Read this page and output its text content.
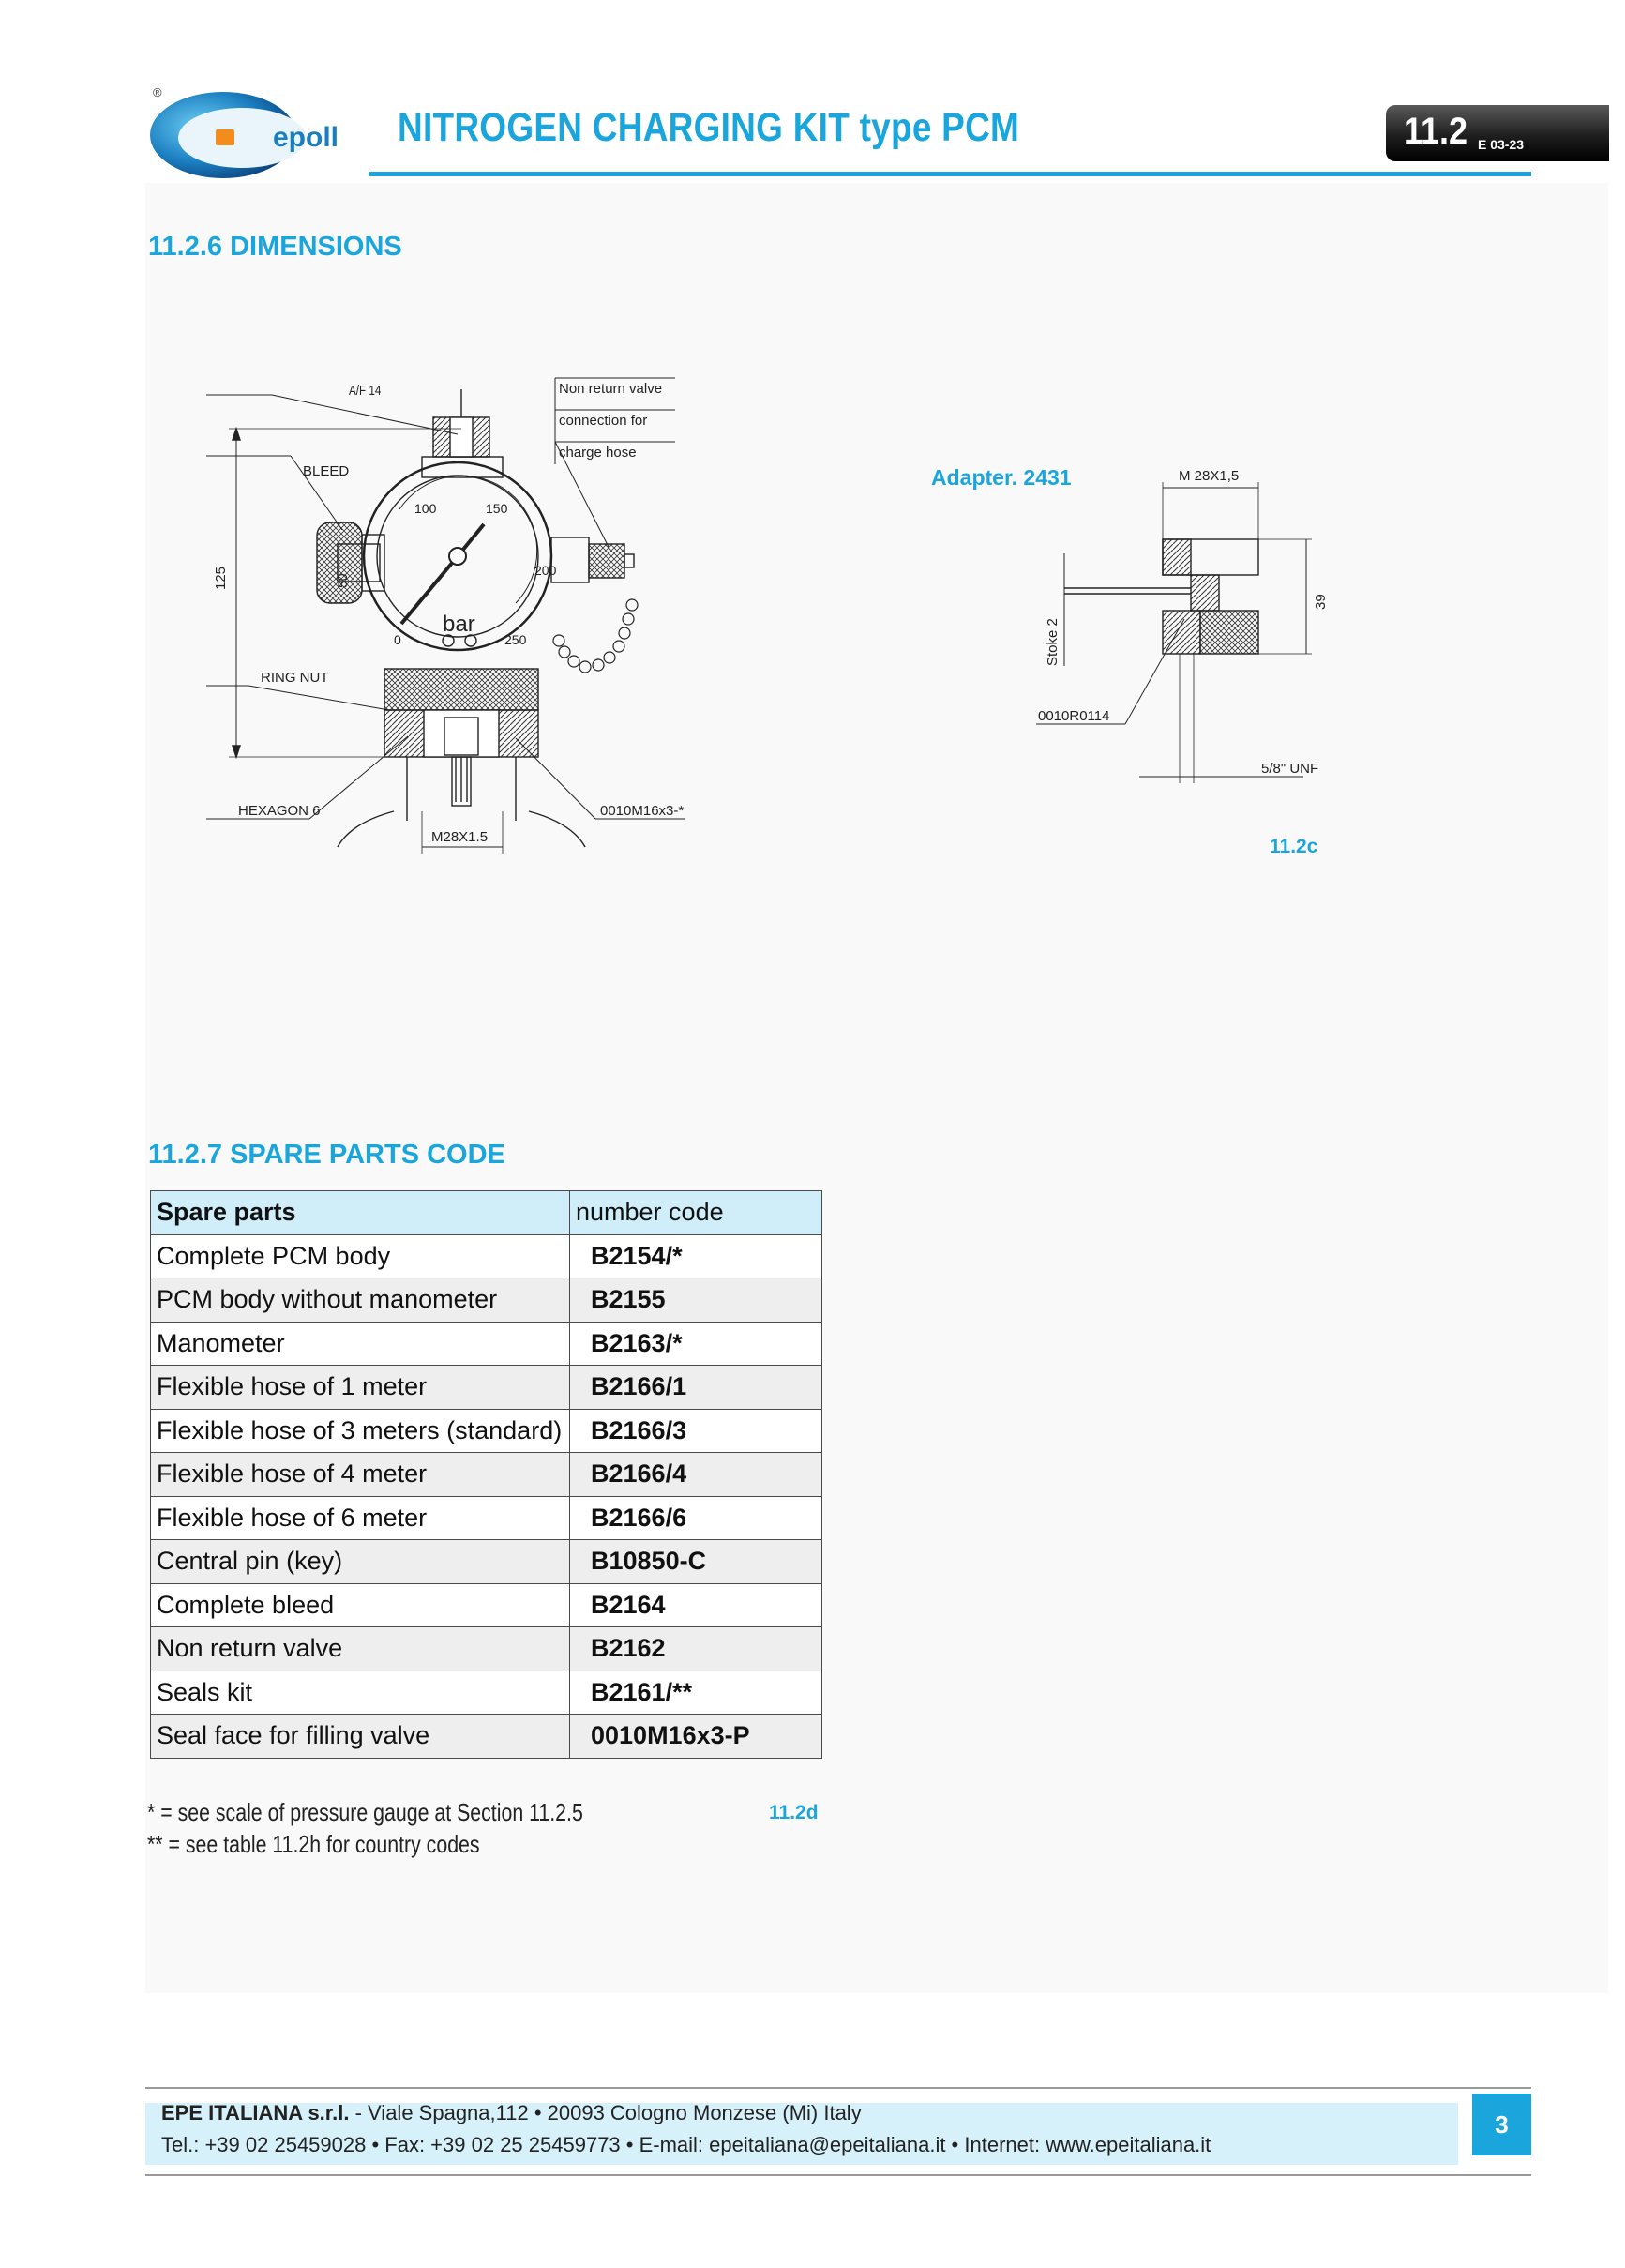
®
epoll NITROGEN CHARGING KIT type PCM	11.2 E 03-23
11.2.6 DIMENSIONS
50
100	150
200
0	250
bar
A/F 14
BLEED
125
RING NUT
HEXAGON 6	0010M16x3-*
M28X1.5
Non return valve
connection for
charge hose
Adapter. 2431	M 28X1,5
39
Stoke 2
0010R0114
5/8" UNF
11.2c
11.2.7 SPARE PARTS CODE
Spare parts	number code
Complete PCM body	B2154/*
PCM body without manometer	B2155
Manometer	B2163/*
Flexible hose of 1 meter	B2166/1
Flexible hose of 3 meters (standard)	B2166/3
Flexible hose of 4 meter	B2166/4
Flexible hose of 6 meter	B2166/6
Central pin (key)	B10850-C
Complete bleed	B2164
Non return valve	B2162
Seals kit	B2161/**
Seal face for filling valve	0010M16x3-P
* = see scale of pressure gauge at Section 11.2.5
** = see table 11.2h for country codes
11.2d
EPE ITALIANA s.r.l. - Viale Spagna,112 • 20093 Cologno Monzese (Mi) Italy
Tel.: +39 02 25459028 • Fax: +39 02 25 25459773 • E-mail: epeitaliana@epeitaliana.it • Internet: www.epeitaliana.it
3
